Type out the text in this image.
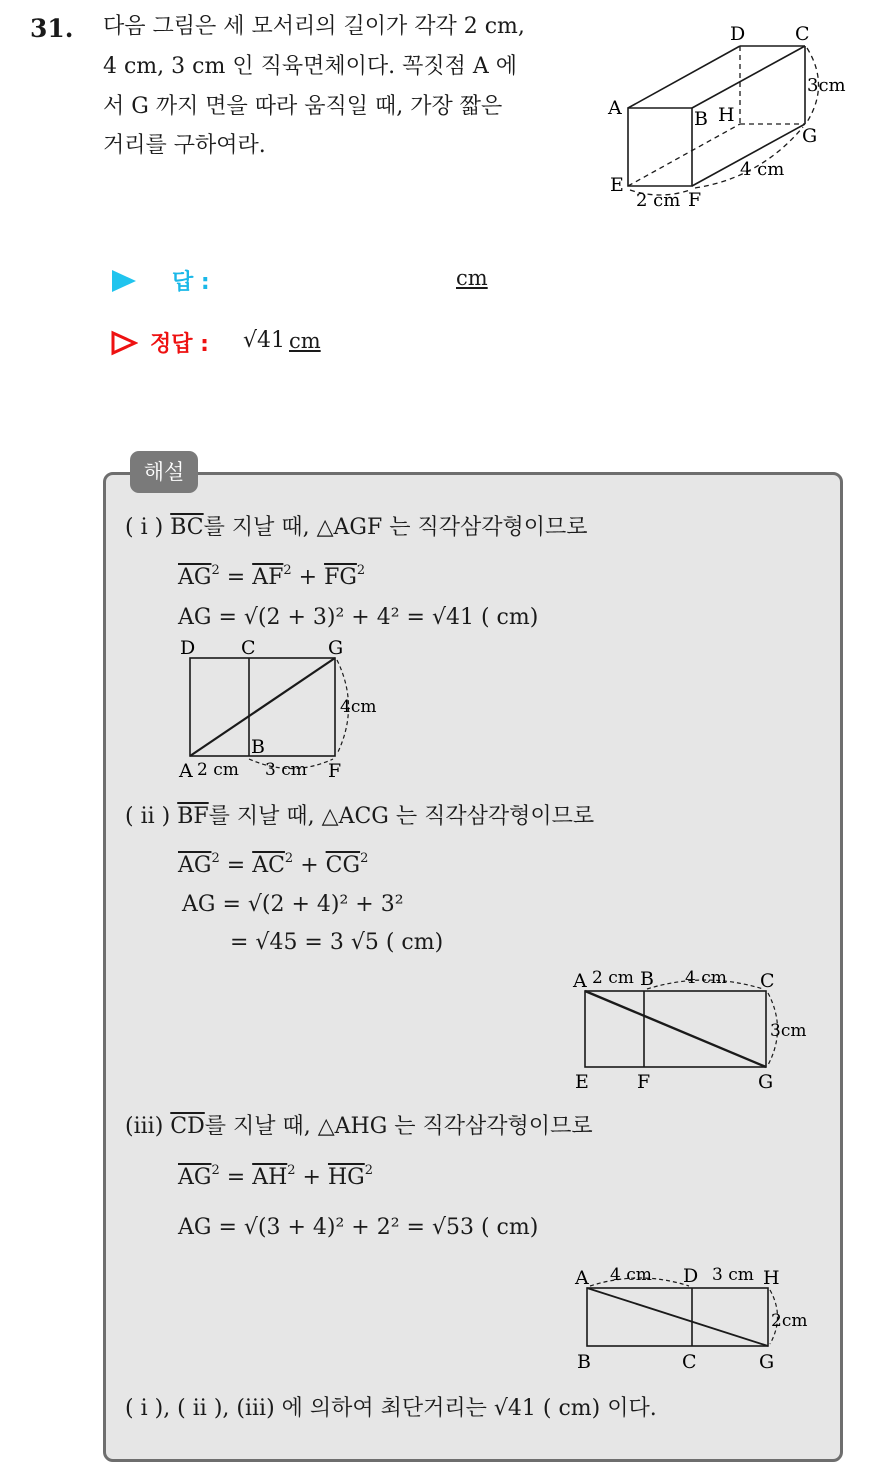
31. 다음 그림은 세 모서리의 길이가 각각 2 cm,
4 cm, 3 cm 인 직육면체이다. 꼭짓점 A 에
서 G 까지 면을 따라 움직일 때, 가장 짧은
거리를 구하여라.
A	B
C
D
E
F
G
H
3cm
4 cm
2 cm
답 :	cm
정답 : √41 cm
해설
( i ) $\overline{BC}$를 지날 때, △AGF 는 직각삼각형이므로
$\overline{AG}^2 = \overline{AF}^2 + \overline{FG}^2$
AG = √(2 + 3)² + 4² = √41 ( cm)
D C	G
A
B
F
2 cm 3 cm
4cm
( ii ) $\overline{BF}$를 지날 때, △ACG 는 직각삼각형이므로
$\overline{AG}^2 = \overline{AC}^2 + \overline{CG}^2$
AG = √(2 + 4)² + 3²
= √45 = 3 √5 ( cm)
A	B	C
E	F	G
2 cm	4 cm
3cm
(iii) $\overline{CD}$를 지날 때, △AHG 는 직각삼각형이므로
$\overline{AG}^2 = \overline{AH}^2 + \overline{HG}^2$
AG = √(3 + 4)² + 2² = √53 ( cm)
A	D	H
B	C	G
4 cm	3 cm
2cm
( i ), ( ii ), (iii) 에 의하여 최단거리는 √41 ( cm) 이다.
